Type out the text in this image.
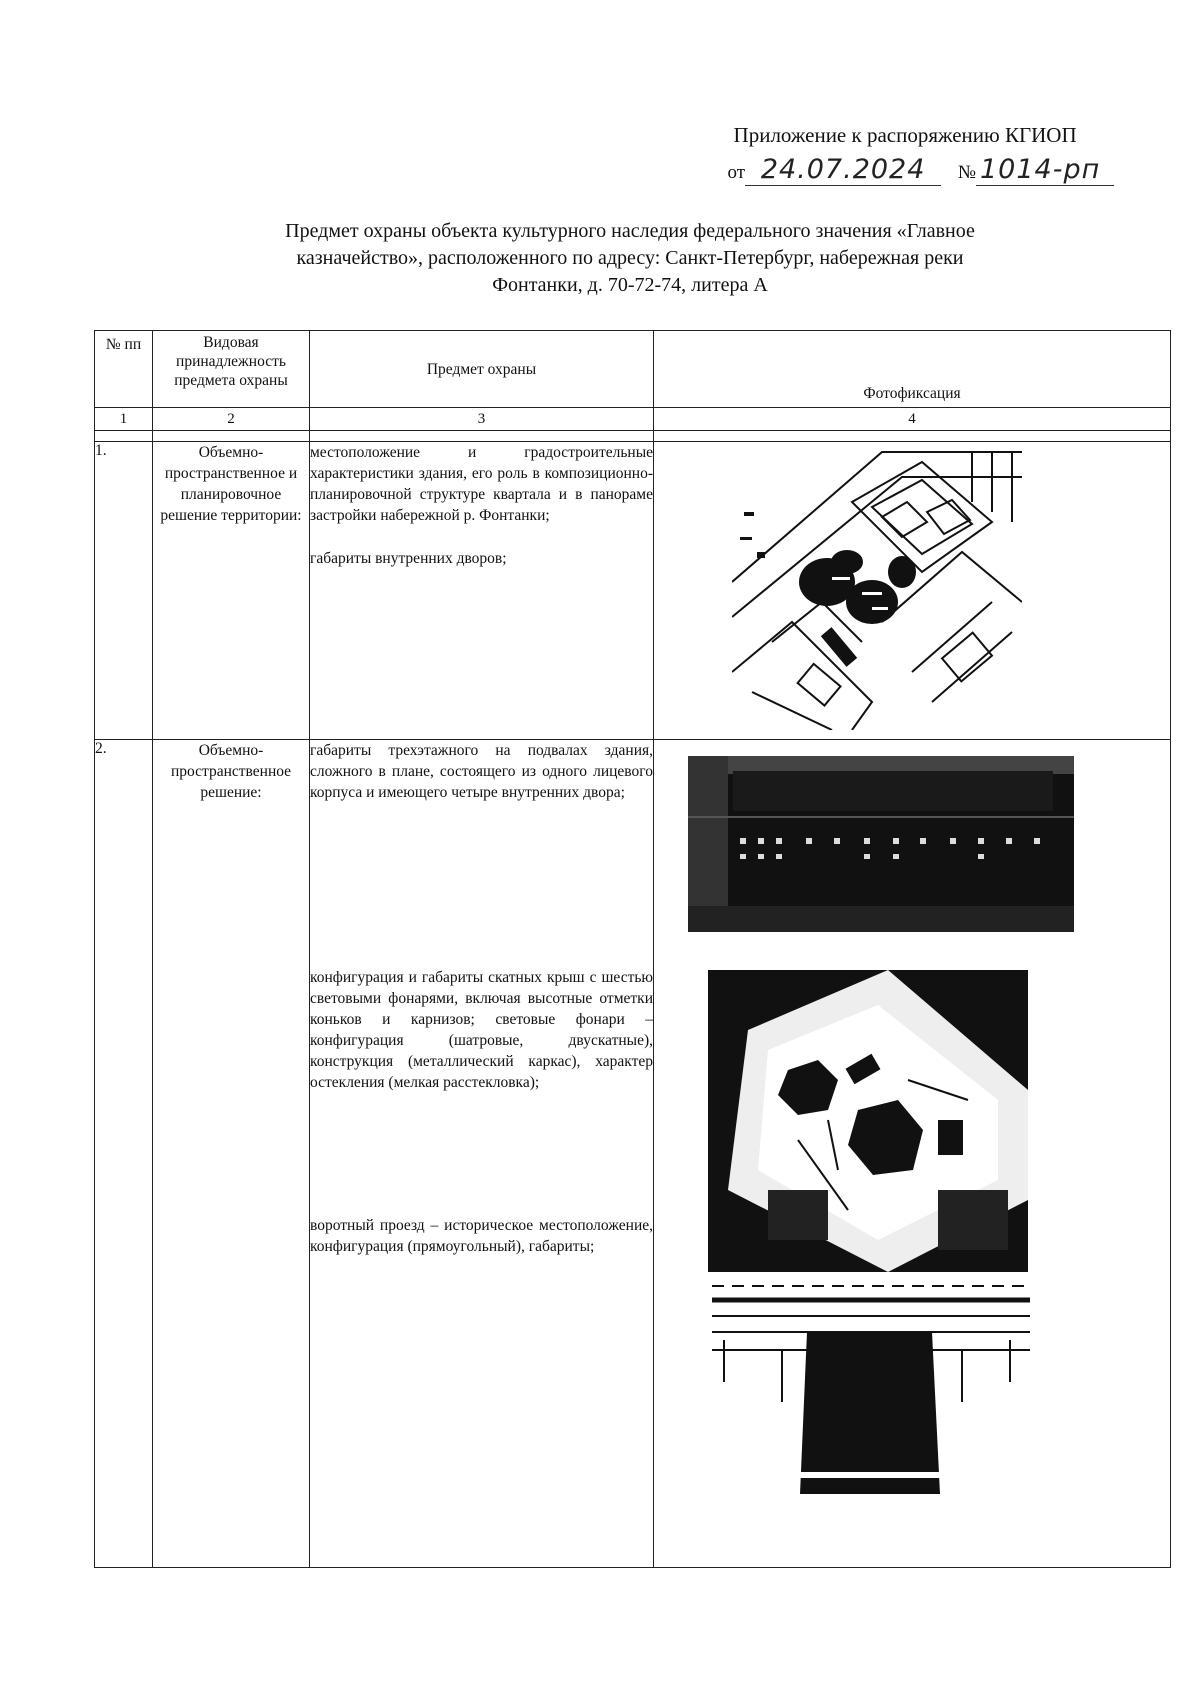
Приложение к распоряжению КГИОП
от 24.07.2024 № 1014-рп
Предмет охраны объекта культурного наследия федерального значения «Главное
казначейство», расположенного по адресу: Санкт-Петербург, набережная реки
Фонтанки, д. 70-72-74, литера А
№ пп	Видовая принадлежность предмета охраны	Предмет охраны	Фотофиксация
1	2	3	4

1.	Объемно-пространственное и планировочное решение территории:	местоположение и градостроительные характеристики здания, его роль в композиционно-планировочной структуре квартала и в панораме застройки набережной р. Фонтанки;

габариты внутренних дворов;

2.	Объемно-пространственное решение:	габариты трехэтажного на подвалах здания, сложного в плане, состоящего из одного лицевого корпуса и имеющего четыре внутренних двора;

конфигурация и габариты скатных крыш с шестью световыми фонарями, включая высотные отметки коньков и карнизов; световые фонари – конфигурация (шатровые, двускатные), конструкция (металлический каркас), характер остекления (мелкая расстекловка);

воротный проезд – историческое местоположение, конфигурация (прямоугольный), габариты;
